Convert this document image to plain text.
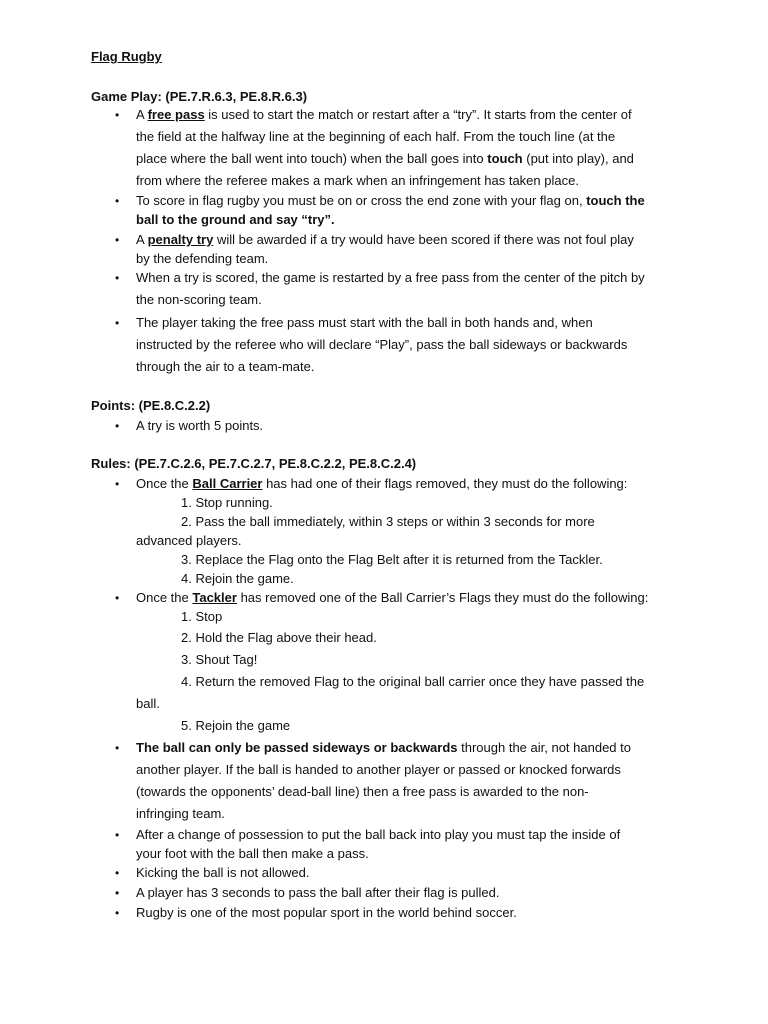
Flag Rugby
Game Play: (PE.7.R.6.3, PE.8.R.6.3)
• A free pass is used to start the match or restart after a “try”. It starts from the center of
the field at the halfway line at the beginning of each half. From the touch line (at the
place where the ball went into touch) when the ball goes into touch (put into play), and
from where the referee makes a mark when an infringement has taken place.
• To score in flag rugby you must be on or cross the end zone with your flag on, touch the
ball to the ground and say “try”.
• A penalty try will be awarded if a try would have been scored if there was not foul play
by the defending team.
• When a try is scored, the game is restarted by a free pass from the center of the pitch by
the non-scoring team.
• The player taking the free pass must start with the ball in both hands and, when
instructed by the referee who will declare “Play”, pass the ball sideways or backwards
through the air to a team-mate.
Points: (PE.8.C.2.2)
• A try is worth 5 points.
Rules: (PE.7.C.2.6, PE.7.C.2.7, PE.8.C.2.2, PE.8.C.2.4)
• Once the Ball Carrier has had one of their flags removed, they must do the following:
1. Stop running.
2. Pass the ball immediately, within 3 steps or within 3 seconds for more
advanced players.
3. Replace the Flag onto the Flag Belt after it is returned from the Tackler.
4. Rejoin the game.
• Once the Tackler has removed one of the Ball Carrier’s Flags they must do the following:
1. Stop
2. Hold the Flag above their head.
3. Shout Tag!
4. Return the removed Flag to the original ball carrier once they have passed the
ball.
5. Rejoin the game
• The ball can only be passed sideways or backwards through the air, not handed to
another player. If the ball is handed to another player or passed or knocked forwards
(towards the opponents’ dead-ball line) then a free pass is awarded to the non-
infringing team.
• After a change of possession to put the ball back into play you must tap the inside of
your foot with the ball then make a pass.
• Kicking the ball is not allowed.
• A player has 3 seconds to pass the ball after their flag is pulled.
• Rugby is one of the most popular sport in the world behind soccer.
